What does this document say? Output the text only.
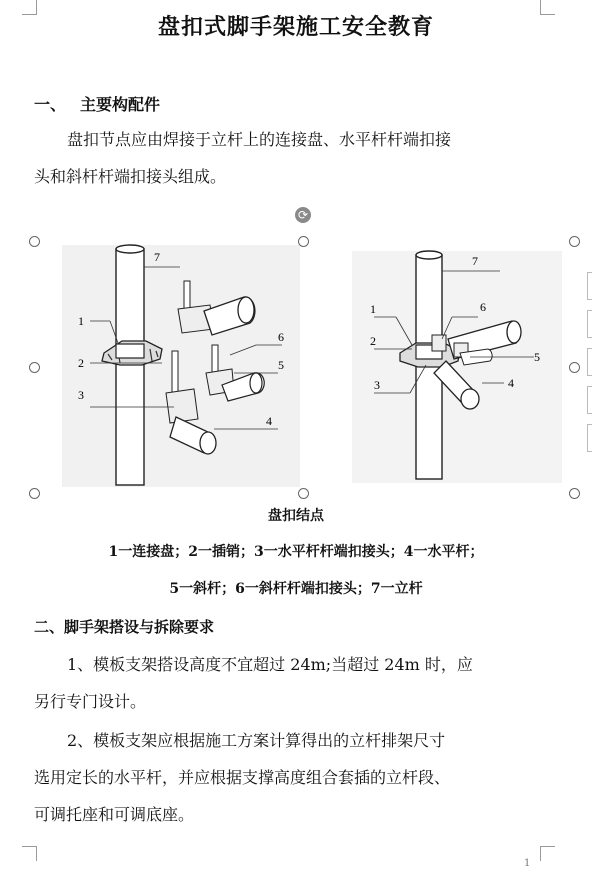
盘扣式脚手架施工安全教育
一、 主要构配件
盘扣节点应由焊接于立杆上的连接盘、水平杆杆端扣接
头和斜杆杆端扣接头组成。
1
2
3
4
5
6
7
1
2
3	4
5
6
7
⟳
盘扣结点
1一连接盘；2一插销；3一水平杆杆端扣接头；4一水平杆；
5一斜杆；6一斜杆杆端扣接头；7一立杆
二、脚手架搭设与拆除要求
1、模板支架搭设高度不宜超过 24m;当超过 24m 时，应
另行专门设计。
2、模板支架应根据施工方案计算得出的立杆排架尺寸
选用定长的水平杆，并应根据支撑高度组合套插的立杆段、
可调托座和可调底座。
1
